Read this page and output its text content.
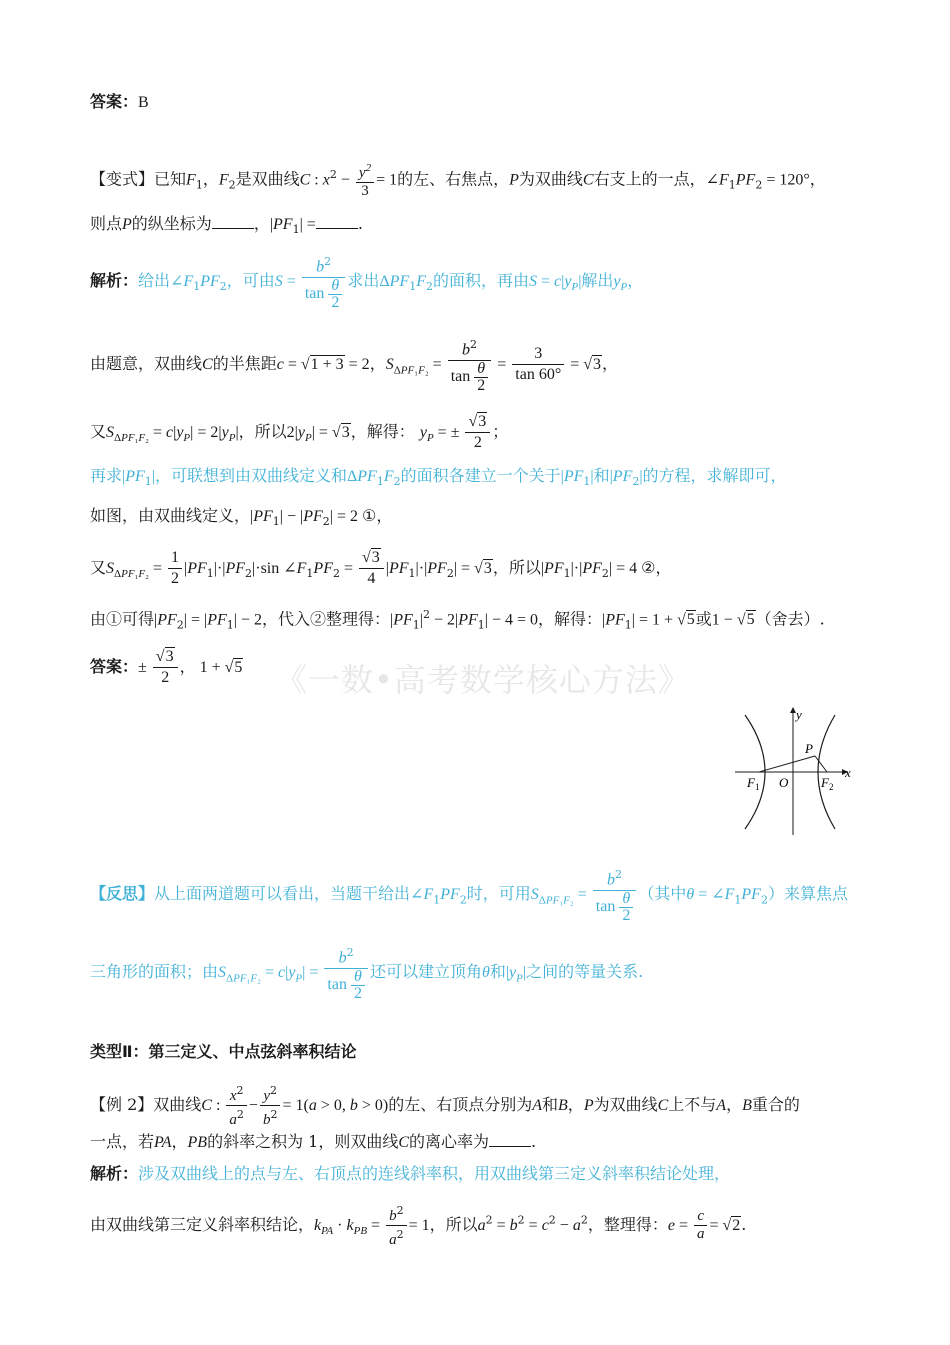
答案：B
【变式】已知$F_1$，$F_2$是双曲线C : $x^2 - \frac{y^2}{3} = 1$的左、右焦点，P为双曲线C右支上的一点，$\angle F_1PF_2 = 120^\circ$，
则点P的纵坐标为	，$|PF_1|$ =	.
解析：给出$\angle F_1PF_2$，可由$S = \frac{b^2}{\tan \frac{\theta}{2}}$ 求出$\Delta PF_1F_2$的面积，再由$S = c|y_P|$解出$y_P$，
由题意，双曲线C的半焦距c = √1 + 3 = 2，$S_{\Delta PF_1F_2} = \frac{b^2}{\tan \frac{\theta}{2}} = \frac{3}{\tan 60^\circ} = √3$，
又$S_{\Delta PF_1F_2} = c|y_P| = 2|y_P|$，所以$2|y_P| = √3$，解得： $y_P$ = ± $\frac{√3}{2}$ ；
再求$|PF_1|$，可联想到由双曲线定义和$\Delta PF_1F_2$的面积各建立一个关于$|PF_1|$和$|PF_2|$的方程，求解即可，
如图，由双曲线定义，$|PF_1| - |PF_2| = 2$ ①，
又$S_{\Delta PF_1F_2} = \frac{1}{2} |PF_1|\cdot|PF_2|\cdot\sin$ $\angle F_1PF_2 = \frac{√3}{4} |PF_1|\cdot|PF_2| = √3$，所以$|PF_1|\cdot|PF_2| = 4$ ②，
由①可得$|PF_2| = |PF_1| - 2$，代入②整理得：$|PF_1|^2 - 2|PF_1| - 4 = 0$，解得：$|PF_1| = 1 + √5$或1 − √5（舍去）.
答案：± $\frac{√3}{2}$ ， 1 + √5 《一数•高考数学核心方法》
y
x
P
O
$F_1$	$F_2$
【反思】从上面两道题可以看出，当题干给出$\angle F_1PF_2$时，可用$S_{\Delta PF_1F_2} = \frac{b^2}{\tan \frac{\theta}{2}}$ （其中$\theta = \angle F_1PF_2$）来算焦点
三角形的面积；由$S_{\Delta PF_1F_2} = c|y_P| = \frac{b^2}{\tan \frac{\theta}{2}}$ 还可以建立顶角θ和$|y_P|$之间的等量关系.
类型Ⅱ：第三定义、中点弦斜率积结论
【例 2】双曲线C : $\frac{x^2}{a^2} - \frac{y^2}{b^2} = 1(a > 0$, b > 0)的左、右顶点分别为A和B，P为双曲线C上不与A，B重合的
一点，若PA，PB的斜率之积为 1，则双曲线C的离心率为	.
解析：涉及双曲线上的点与左、右顶点的连线斜率积，用双曲线第三定义斜率积结论处理，
由双曲线第三定义斜率积结论，$k_{PA} \cdot k_{PB} = \frac{b^2}{a^2} = 1$，所以$a^2 = b^2 = c^2 - a^2$，整理得：$e = \frac{c}{a} = √2$.
